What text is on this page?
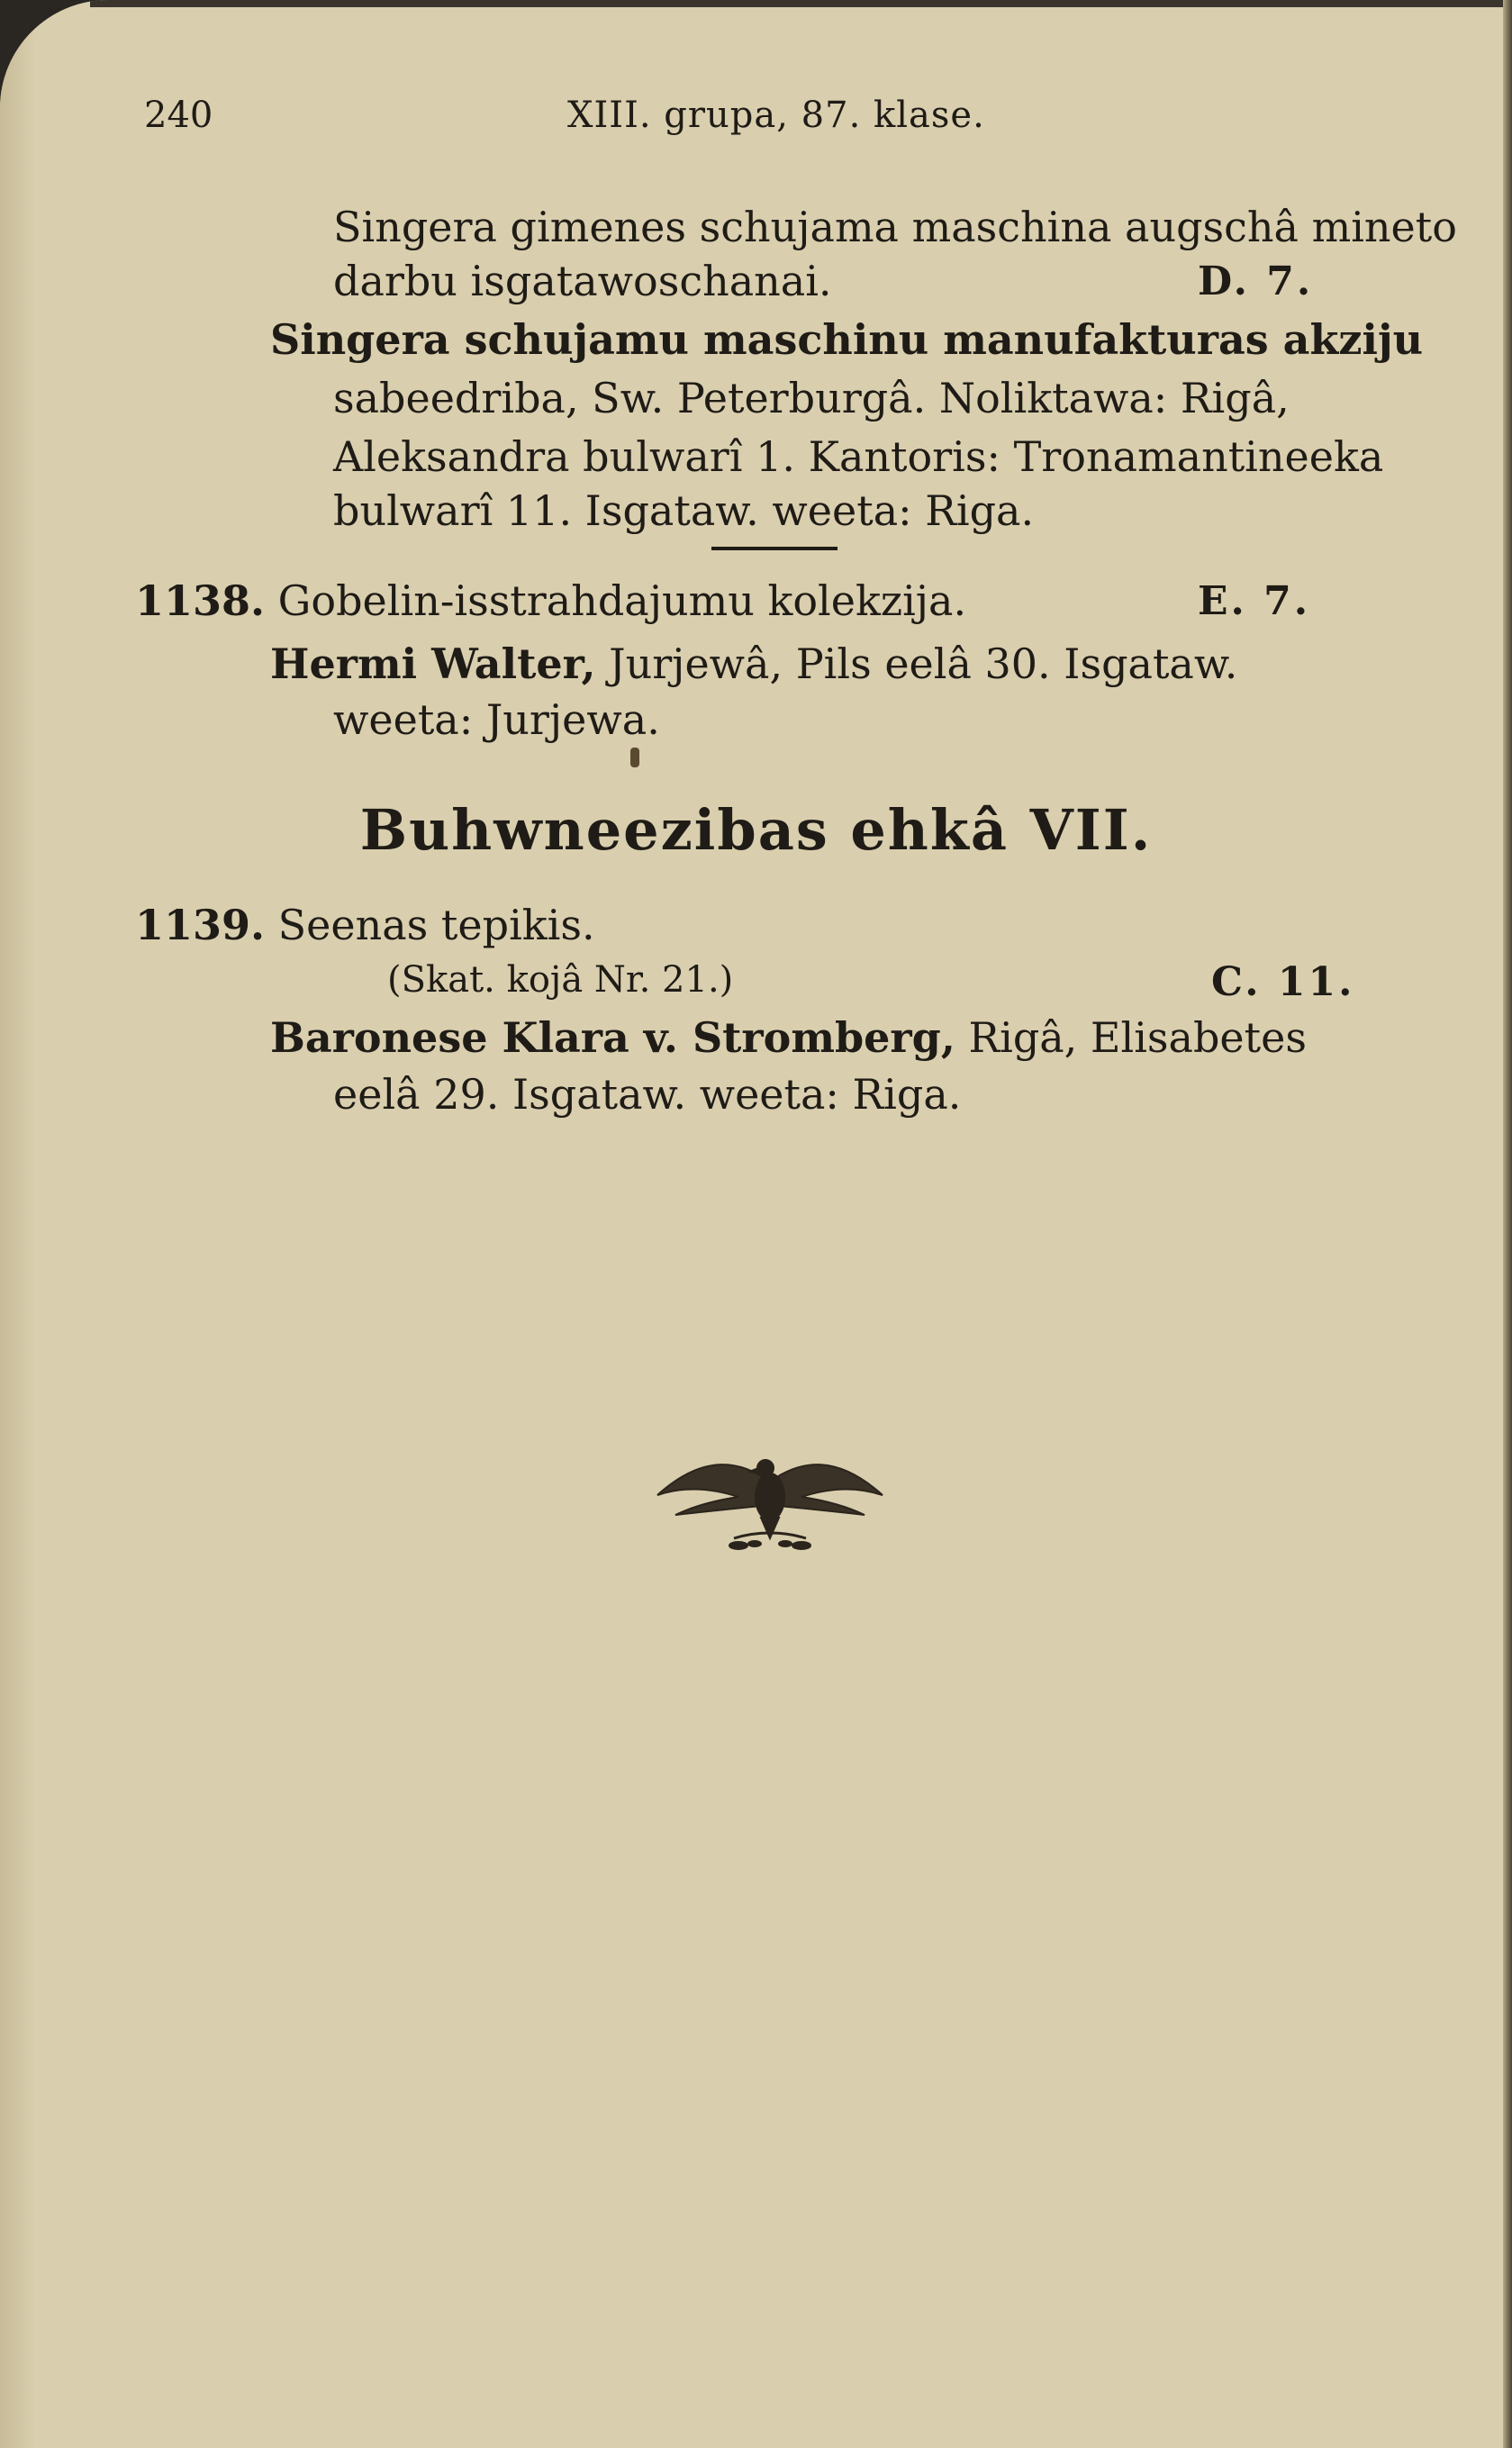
240	XIII. grupa, 87. klase.
Singera gimenes schujama maschina augschâ mineto
darbu isgatawoschanai.	D. 7.
Singera schujamu maschinu manufakturas akziju
sabeedriba, Sw. Peterburgâ. Noliktawa: Rigâ,
Aleksandra bulwarî 1. Kantoris: Tronamantineeka
bulwarî 11. Isgataw. weeta: Riga.
1138. Gobelin-isstrahdajumu kolekzija.	E. 7.
Hermi Walter, Jurjewâ, Pils eelâ 30. Isgataw.
weeta: Jurjewa.
Buhwneezibas ehkâ VII.
1139. Seenas tepikis.
(Skat. kojâ Nr. 21.)	C. 11.
Baronese Klara v. Stromberg, Rigâ, Elisabetes
eelâ 29. Isgataw. weeta: Riga.
